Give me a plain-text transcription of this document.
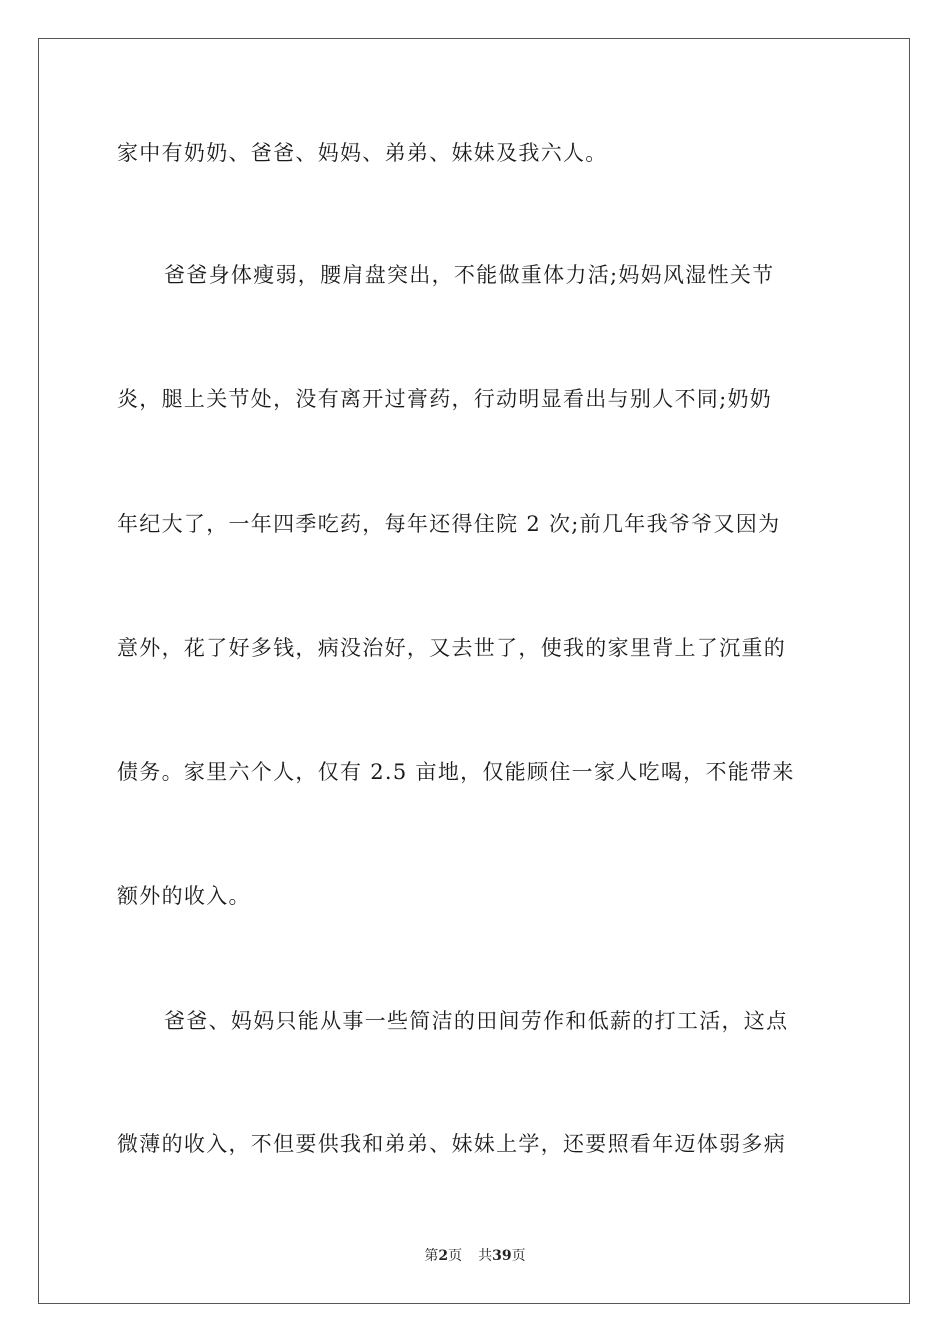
家中有奶奶、爸爸、妈妈、弟弟、妹妹及我六人。
爸爸身体瘦弱，腰肩盘突出，不能做重体力活;妈妈风湿性关节
炎，腿上关节处，没有离开过膏药，行动明显看出与别人不同;奶奶
年纪大了，一年四季吃药，每年还得住院 2 次;前几年我爷爷又因为
意外，花了好多钱，病没治好，又去世了，使我的家里背上了沉重的
债务。家里六个人，仅有 2.5 亩地，仅能顾住一家人吃喝，不能带来
额外的收入。
爸爸、妈妈只能从事一些简洁的田间劳作和低薪的打工活，这点
微薄的收入，不但要供我和弟弟、妹妹上学，还要照看年迈体弱多病
第2页 共39页
